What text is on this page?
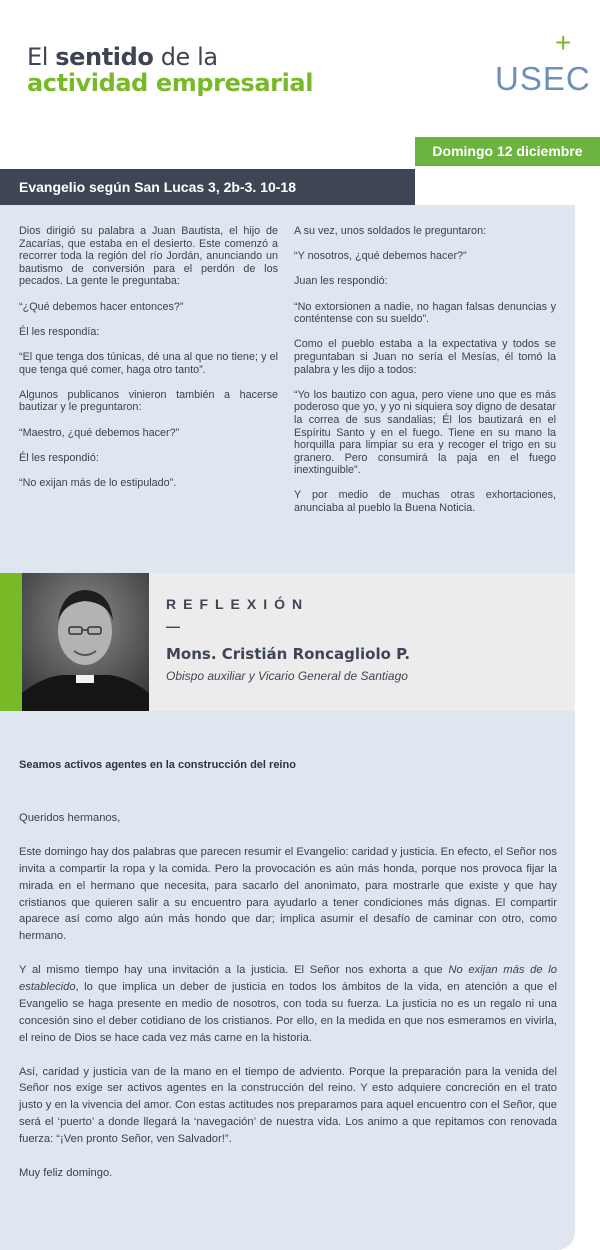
El sentido de la
actividad empresarial	USEC
+
Domingo 12 diciembre
Evangelio según San Lucas 3, 2b-3. 10-18

Dios dirigió su palabra a Juan Bautista, el hijo de Zacarías, que estaba en el desierto. Este comenzó a recorrer toda la región del río Jordán, anunciando un bautismo de conversión para el perdón de los pecados. La gente le preguntaba:

“¿Qué debemos hacer entonces?”

Él les respondía:

“El que tenga dos túnicas, dé una al que no tiene; y el que tenga qué comer, haga otro tanto”.

Algunos publicanos vinieron también a hacerse bautizar y le preguntaron:

“Maestro, ¿qué debemos hacer?”

Él les respondió:

“No exijan más de lo estipulado”.

A su vez, unos soldados le preguntaron:

“Y nosotros, ¿qué debemos hacer?”

Juan les respondió:

“No extorsionen a nadie, no hagan falsas denuncias y conténtense con su sueldo”.

Como el pueblo estaba a la expectativa y todos se preguntaban si Juan no sería el Mesías, él tomó la palabra y les dijo a todos:

“Yo los bautizo con agua, pero viene uno que es más poderoso que yo, y yo ni siquiera soy digno de desatar la correa de sus sandalias; Él los bautizará en el Espíritu Santo y en el fuego. Tiene en su mano la horquilla para limpiar su era y recoger el trigo en su granero. Pero consumirá la paja en el fuego inextinguible”.

Y por medio de muchas otras exhortaciones, anunciaba al pueblo la Buena Noticia.

REFLEXIÓN
—
Mons. Cristián Roncagliolo P.
Obispo auxiliar y Vicario General de Santiago
Seamos activos agentes en la construcción del reino

Queridos hermanos,

Este domingo hay dos palabras que parecen resumir el Evangelio: caridad y justicia. En efecto, el Señor nos invita a compartir la ropa y la comida. Pero la provocación es aún más honda, porque nos provoca fijar la mirada en el hermano que necesita, para sacarlo del anonimato, para mostrarle que existe y que hay cristianos que quieren salir a su encuentro para ayudarlo a tener condiciones más dignas. El compartir aparece así como algo aún más hondo que dar; implica asumir el desafío de caminar con otro, como hermano.

Y al mismo tiempo hay una invitación a la justicia. El Señor nos exhorta a que No exijan más de lo establecido, lo que implica un deber de justicia en todos los ámbitos de la vida, en atención a que el Evangelio se haga presente en medio de nosotros, con toda su fuerza. La justicia no es un regalo ni una concesión sino el deber cotidiano de los cristianos. Por ello, en la medida en que nos esmeramos en vivirla, el reino de Dios se hace cada vez más carne en la historia.

Así, caridad y justicia van de la mano en el tiempo de adviento. Porque la preparación para la venida del Señor nos exige ser activos agentes en la construcción del reino. Y esto adquiere concreción en el trato justo y en la vivencia del amor. Con estas actitudes nos preparamos para aquel encuentro con el Señor, que será el ‘puerto’ a donde llegará la ‘navegación’ de nuestra vida. Los animo a que repitamos con renovada fuerza: “¡Ven pronto Señor, ven Salvador!”.

Muy feliz domingo.
